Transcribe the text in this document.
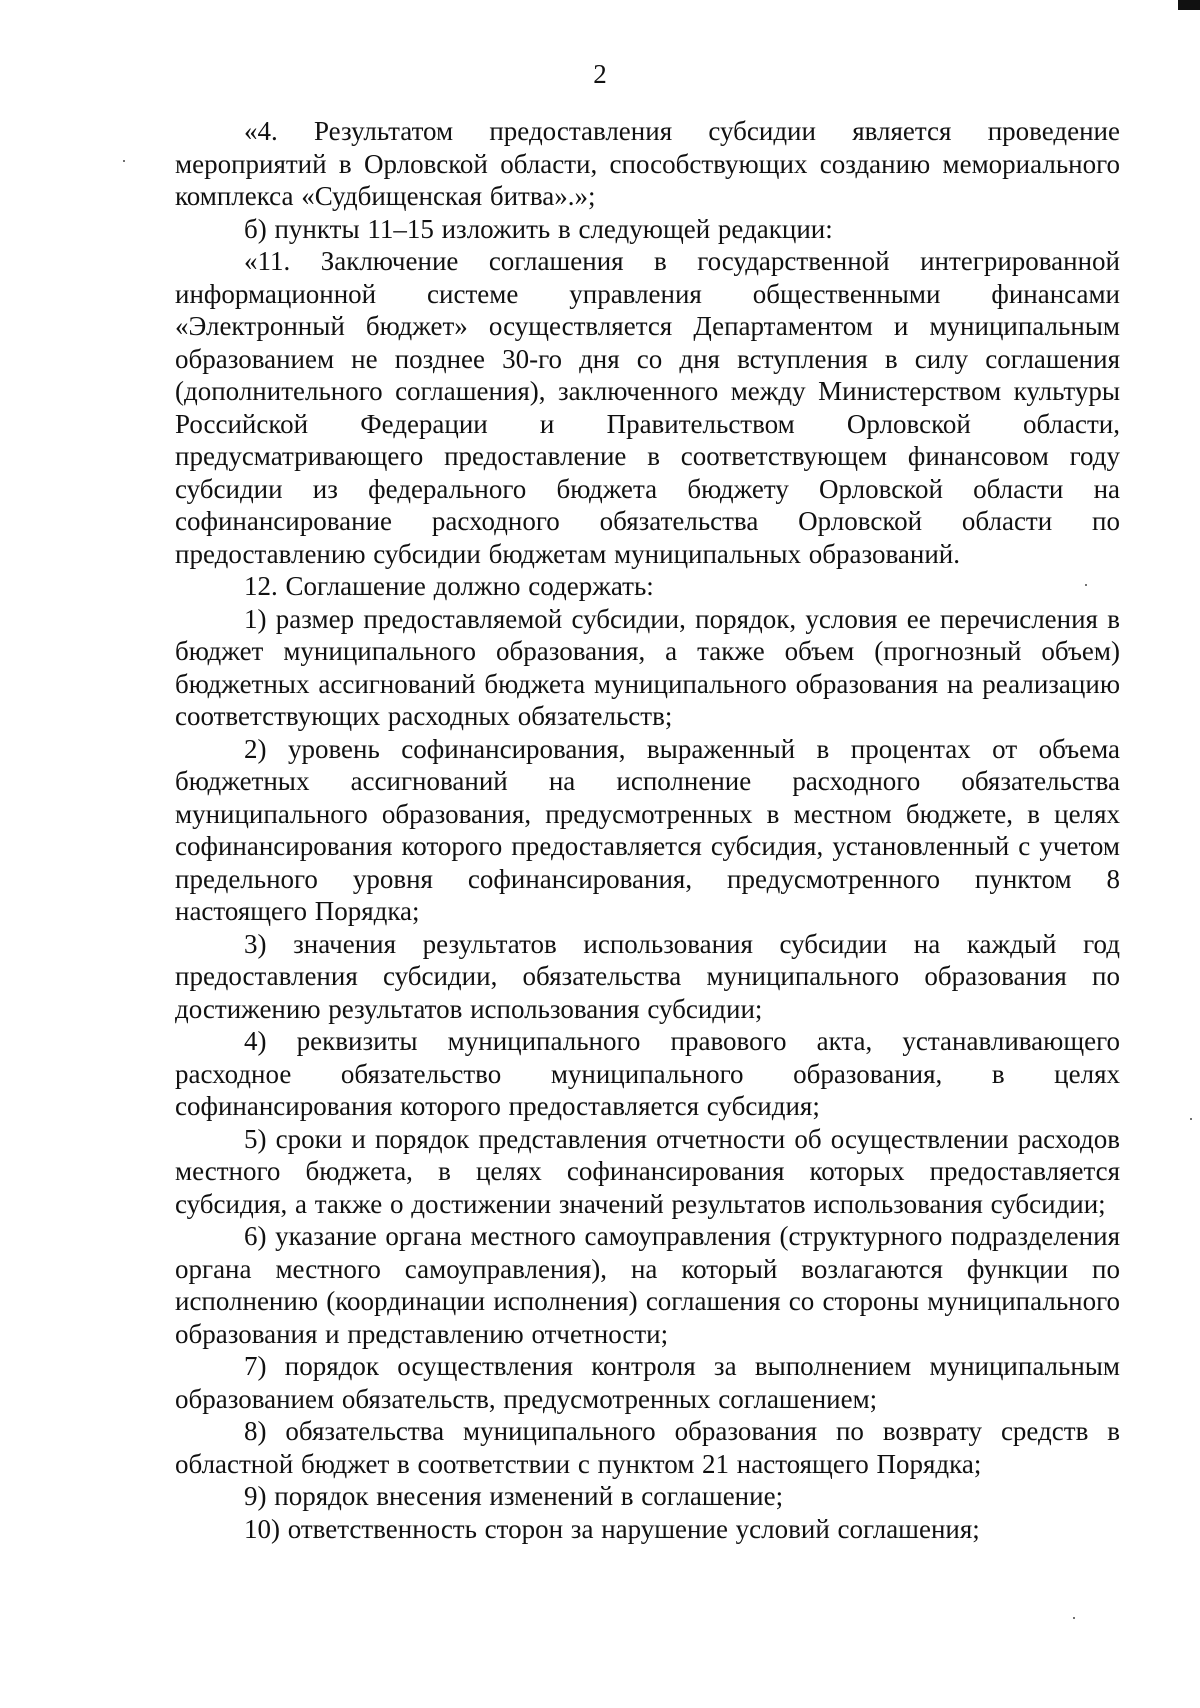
2

«4. Результатом предоставления субсидии является проведение мероприятий в Орловской области, способствующих созданию мемориального комплекса «Судбищенская битва».»;

б) пункты 11–15 изложить в следующей редакции:

«11. Заключение соглашения в государственной интегрированной информационной системе управления общественными финансами «Электронный бюджет» осуществляется Департаментом и муниципальным образованием не позднее 30-го дня со дня вступления в силу соглашения (дополнительного соглашения), заключенного между Министерством культуры Российской Федерации и Правительством Орловской области, предусматривающего предоставление в соответствующем финансовом году субсидии из федерального бюджета бюджету Орловской области на софинансирование расходного обязательства Орловской области по предоставлению субсидии бюджетам муниципальных образований.

12. Соглашение должно содержать:

1) размер предоставляемой субсидии, порядок, условия ее перечисления в бюджет муниципального образования, а также объем (прогнозный объем) бюджетных ассигнований бюджета муниципального образования на реализацию соответствующих расходных обязательств;

2) уровень софинансирования, выраженный в процентах от объема бюджетных ассигнований на исполнение расходного обязательства муниципального образования, предусмотренных в местном бюджете, в целях софинансирования которого предоставляется субсидия, установленный с учетом предельного уровня софинансирования, предусмотренного пунктом 8 настоящего Порядка;

3) значения результатов использования субсидии на каждый год предоставления субсидии, обязательства муниципального образования по достижению результатов использования субсидии;

4) реквизиты муниципального правового акта, устанавливающего расходное обязательство муниципального образования, в целях софинансирования которого предоставляется субсидия;

5) сроки и порядок представления отчетности об осуществлении расходов местного бюджета, в целях софинансирования которых предоставляется субсидия, а также о достижении значений результатов использования субсидии;

6) указание органа местного самоуправления (структурного подразделения органа местного самоуправления), на который возлагаются функции по исполнению (координации исполнения) соглашения со стороны муниципального образования и представлению отчетности;

7) порядок осуществления контроля за выполнением муниципальным образованием обязательств, предусмотренных соглашением;

8) обязательства муниципального образования по возврату средств в областной бюджет в соответствии с пунктом 21 настоящего Порядка;

9) порядок внесения изменений в соглашение;

10) ответственность сторон за нарушение условий соглашения;
